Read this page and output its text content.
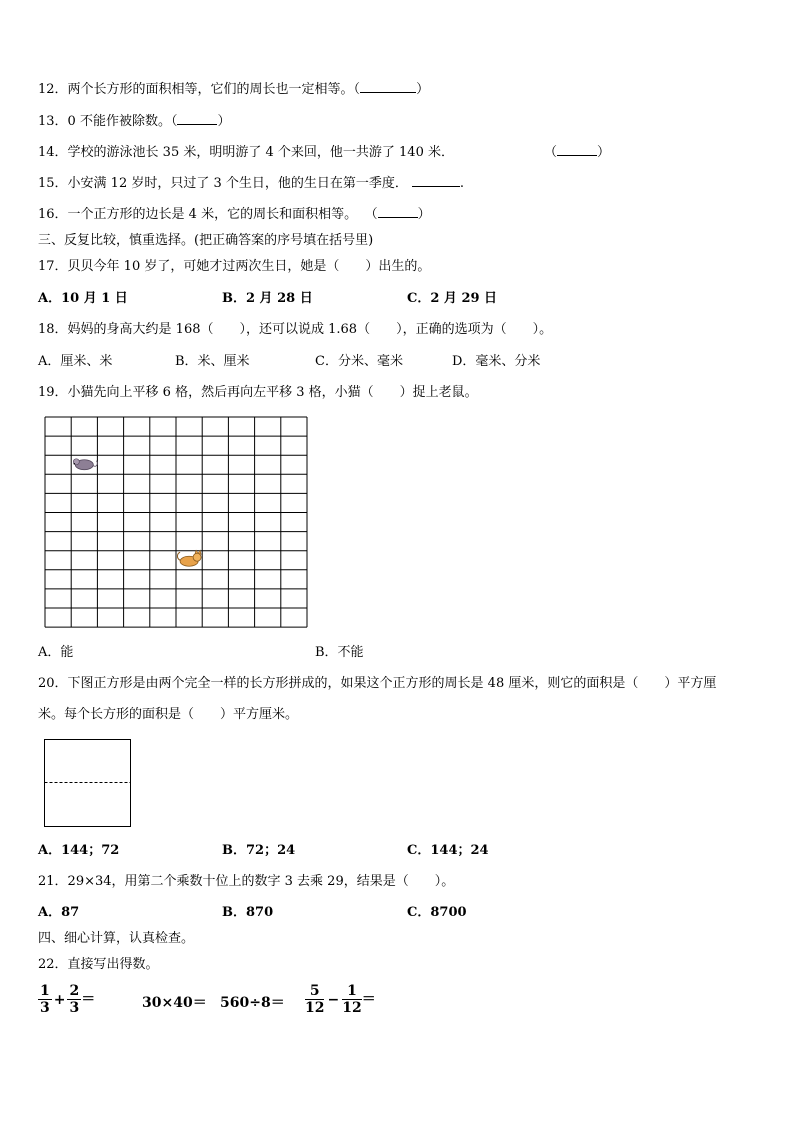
12．两个长方形的面积相等，它们的周长也一定相等。（	）
13．0 不能作被除数。（	）
14．学校的游泳池长 35 米，明明游了 4 个来回，他一共游了 140 米．	（	）
15．小安满 12 岁时，只过了 3 个生日，他的生日在第一季度．	.
16．一个正方形的边长是 4 米，它的周长和面积相等。 （	）
三、反复比较，慎重选择。(把正确答案的序号填在括号里)
17．贝贝今年 10 岁了，可她才过两次生日，她是（　　）出生的。
A．10 月 1 日	B．2 月 28 日	C．2 月 29 日
18．妈妈的身高大约是 168（　　），还可以说成 1.68（　　），正确的选项为（　　）。
A．厘米、米	B．米、厘米	C．分米、毫米	D．毫米、分米
19．小猫先向上平移 6 格，然后再向左平移 3 格，小猫（　　）捉上老鼠。
A．能	B．不能
20．下图正方形是由两个完全一样的长方形拼成的，如果这个正方形的周长是 48 厘米，则它的面积是（　　）平方厘
米。每个长方形的面积是（　　）平方厘米。
A．144；72	B．72；24	C．144；24
21．29×34，用第二个乘数十位上的数字 3 去乘 29，结果是（　　）。
A．87	B．870	C．8700
四、细心计算，认真检查。
22．直接写出得数。
$\frac{1}{3} + \frac{2}{3}$ ＝	$30\times 40= 560\div 8= \frac{5}{12} - \frac{1}{12}$ ＝
